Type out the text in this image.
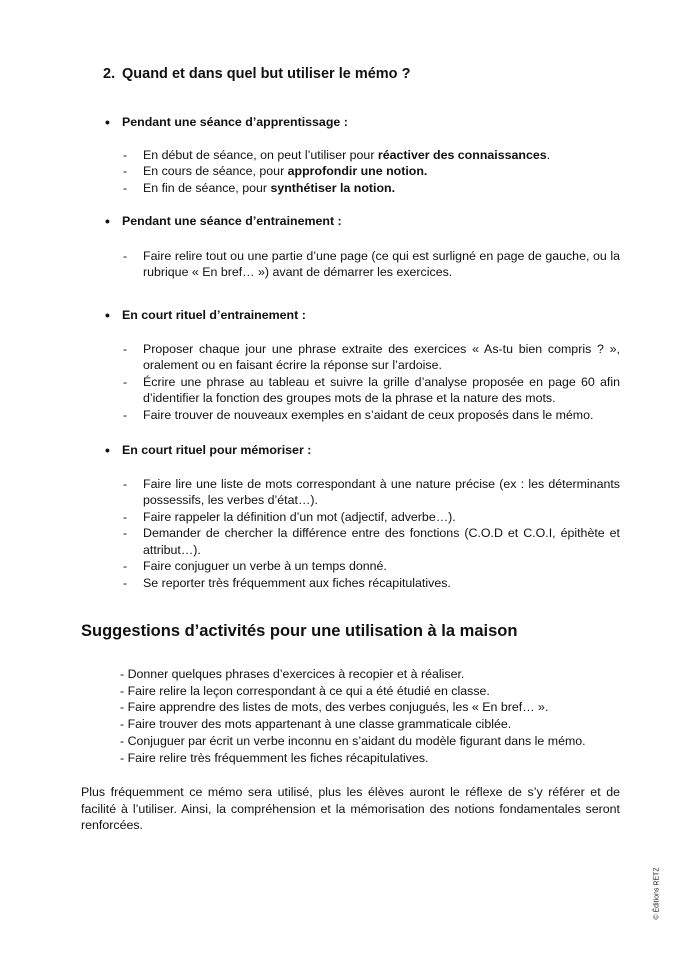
2. Quand et dans quel but utiliser le mémo ?
• Pendant une séance d’apprentissage :
- En début de séance, on peut l’utiliser pour réactiver des connaissances.
- En cours de séance, pour approfondir une notion.
- En fin de séance, pour synthétiser la notion.
• Pendant une séance d’entrainement :
- Faire relire tout ou une partie d’une page (ce qui est surligné en page de gauche, ou la rubrique « En bref… ») avant de démarrer les exercices.
• En court rituel d’entrainement :
- Proposer chaque jour une phrase extraite des exercices « As-tu bien compris ? », oralement ou en faisant écrire la réponse sur l’ardoise.
- Écrire une phrase au tableau et suivre la grille d’analyse proposée en page 60 afin d’identifier la fonction des groupes mots de la phrase et la nature des mots.
- Faire trouver de nouveaux exemples en s’aidant de ceux proposés dans le mémo.
• En court rituel pour mémoriser :
- Faire lire une liste de mots correspondant à une nature précise (ex : les déterminants possessifs, les verbes d’état…).
- Faire rappeler la définition d’un mot (adjectif, adverbe…).
- Demander de chercher la différence entre des fonctions (C.O.D et C.O.I, épithète et attribut…).
- Faire conjuguer un verbe à un temps donné.
- Se reporter très fréquemment aux fiches récapitulatives.
Suggestions d’activités pour une utilisation à la maison
- Donner quelques phrases d’exercices à recopier et à réaliser.
- Faire relire la leçon correspondant à ce qui a été étudié en classe.
- Faire apprendre des listes de mots, des verbes conjugués, les « En bref… ».
- Faire trouver des mots appartenant à une classe grammaticale ciblée.
- Conjuguer par écrit un verbe inconnu en s’aidant du modèle figurant dans le mémo.
- Faire relire très fréquemment les fiches récapitulatives.

Plus fréquemment ce mémo sera utilisé, plus les élèves auront le réflexe de s’y référer et de facilité à l’utiliser. Ainsi, la compréhension et la mémorisation des notions fondamentales seront renforcées.

© Éditions RETZ
